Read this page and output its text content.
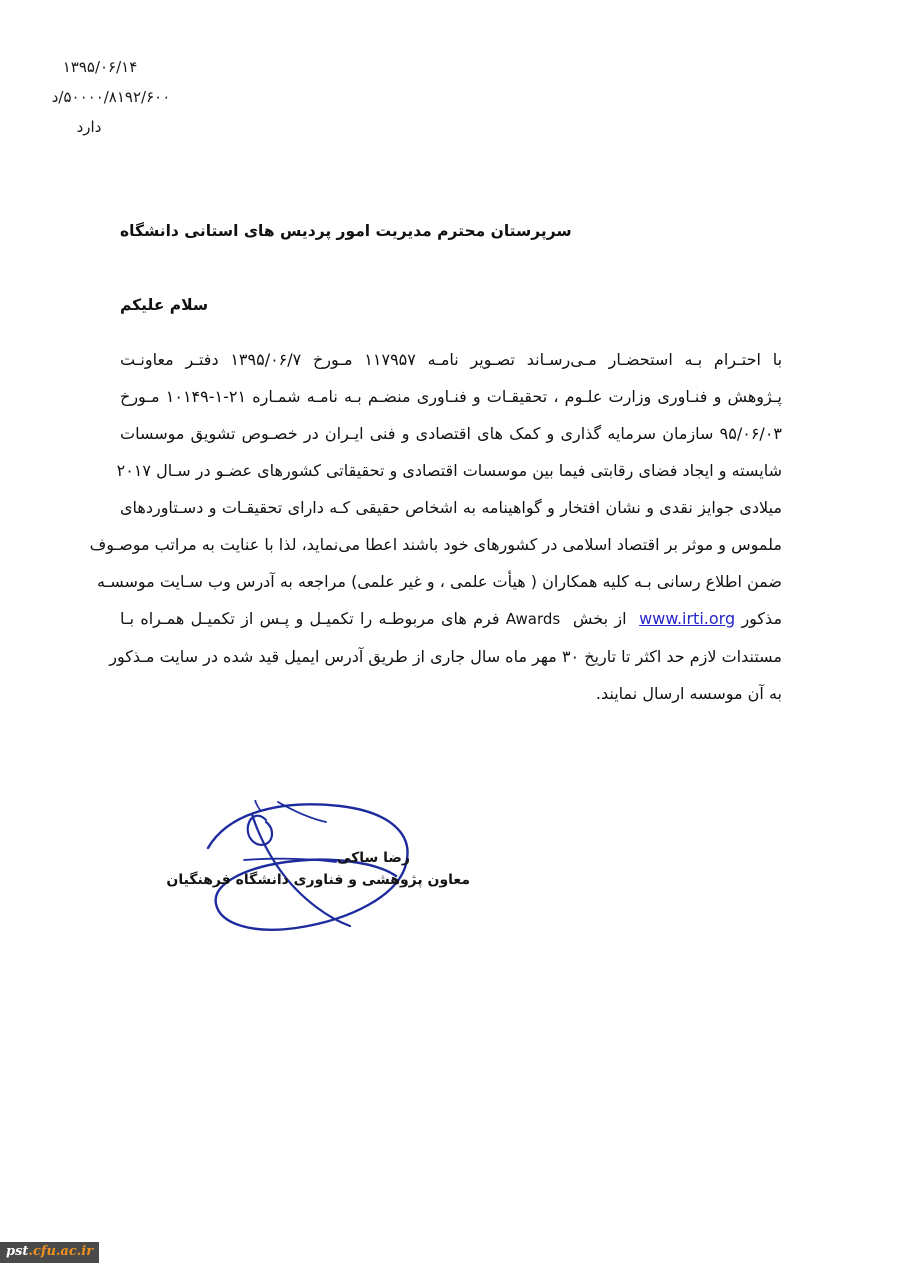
۱۳۹۵/۰۶/۱۴
۵۰۰۰۰/۸۱۹۲/۶۰۰/د
دارد
سرپرستان محترم مدیریت امور پردیس های استانی دانشگاه
سلام علیکم
با احتـرام بـه استحضـار مـی‌رسـاند تصـویر نامـه ۱۱۷۹۵۷ مـورخ ۱۳۹۵/۰۶/۷ دفتـر معاونـت
پـژوهش و فنـاوری وزارت علـوم ، تحقیقـات و فنـاوری منضـم بـه نامـه شمـاره ۲۱-۱-۱۰۱۴۹ مـورخ
۹۵/۰۶/۰۳ سازمان سرمایه گذاری و کمک های اقتصادی و فنی ایـران در خصـوص تشویق موسسات
شایسته و ایجاد فضای رقابتی فیما بین موسسات اقتصادی و تحقیقاتی کشورهای عضـو در سـال ۲۰۱۷
میلادی جوایز نقدی و نشان افتخار و گواهینامه به اشخاص حقیقی کـه دارای تحقیقـات و دسـتاوردهای
ملموس و موثر بر اقتصاد اسلامی در کشورهای خود باشند اعطا می‌نماید، لذا با عنایت به مراتب موصـوف
ضمن اطلاع رسانی بـه کلیه همکاران ( هیأت علمی ، و غیر علمی) مراجعه به آدرس وب سـایت موسسـه
مذکور www.irti.org  از بخش  Awards فرم های مربوطـه را تکمیـل و پـس از تکمیـل همـراه بـا
مستندات لازم حد اکثر تا تاریخ ۳۰ مهر ماه سال جاری از طریق آدرس ایمیل قید شده در سایت مـذکور
به آن موسسه ارسال نمایند.
رضا ساکی
معاون پژوهشی و فناوری دانشگاه فرهنگیان
pst.cfu.ac.ir
